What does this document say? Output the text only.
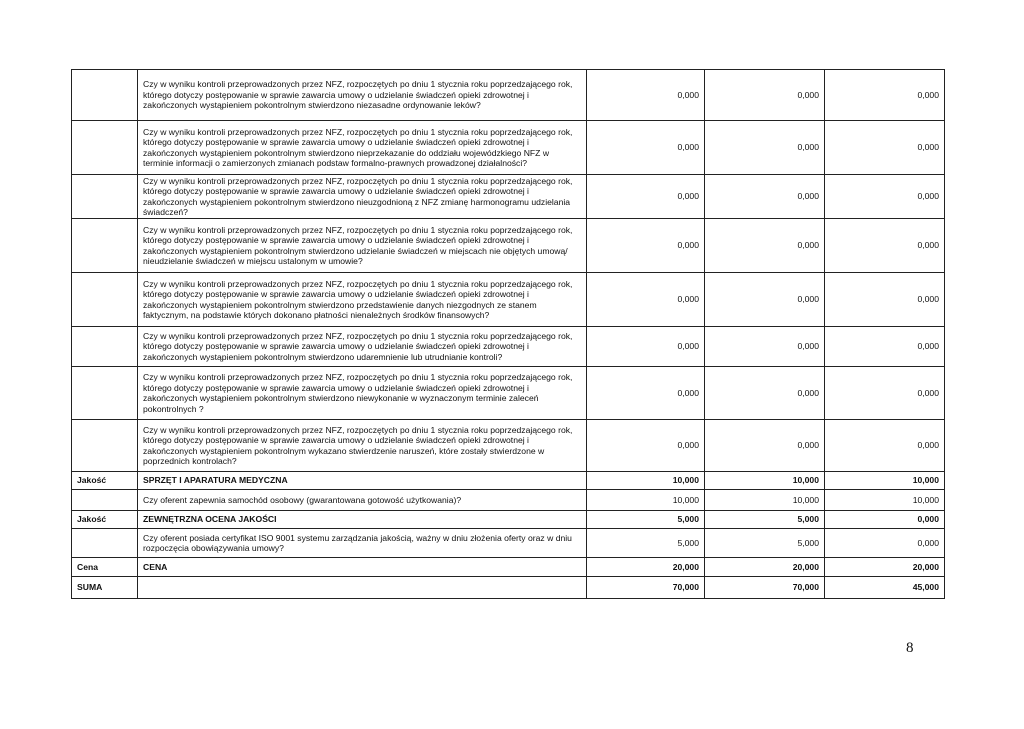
	Czy w wyniku kontroli przeprowadzonych przez NFZ, rozpoczętych po dniu 1 stycznia roku poprzedzającego rok, którego dotyczy postępowanie w sprawie zawarcia umowy o udzielanie świadczeń opieki zdrowotnej i zakończonych wystąpieniem pokontrolnym stwierdzono niezasadne ordynowanie leków?	0,000	0,000	0,000
	Czy w wyniku kontroli przeprowadzonych przez NFZ, rozpoczętych po dniu 1 stycznia roku poprzedzającego rok, którego dotyczy postępowanie w sprawie zawarcia umowy o udzielanie świadczeń opieki zdrowotnej i zakończonych wystąpieniem pokontrolnym stwierdzono nieprzekazanie do oddziału wojewódzkiego NFZ w terminie informacji o zamierzonych zmianach podstaw formalno-prawnych prowadzonej działalności?	0,000	0,000	0,000
	Czy w wyniku kontroli przeprowadzonych przez NFZ, rozpoczętych po dniu 1 stycznia roku poprzedzającego rok, którego dotyczy postępowanie w sprawie zawarcia umowy o udzielanie świadczeń opieki zdrowotnej i zakończonych wystąpieniem pokontrolnym stwierdzono nieuzgodnioną z NFZ zmianę harmonogramu udzielania świadczeń?	0,000	0,000	0,000
	Czy w wyniku kontroli przeprowadzonych przez NFZ, rozpoczętych po dniu 1 stycznia roku poprzedzającego rok, którego dotyczy postępowanie w sprawie zawarcia umowy o udzielanie świadczeń opieki zdrowotnej i zakończonych wystąpieniem pokontrolnym stwierdzono udzielanie świadczeń w miejscach nie objętych umową/ nieudzielanie świadczeń w miejscu ustalonym w umowie?	0,000	0,000	0,000
	Czy w wyniku kontroli przeprowadzonych przez NFZ, rozpoczętych po dniu 1 stycznia roku poprzedzającego rok, którego dotyczy postępowanie w sprawie zawarcia umowy o udzielanie świadczeń opieki zdrowotnej i zakończonych wystąpieniem pokontrolnym stwierdzono przedstawienie danych niezgodnych ze stanem faktycznym, na podstawie których dokonano płatności nienależnych środków finansowych?	0,000	0,000	0,000
	Czy w wyniku kontroli przeprowadzonych przez NFZ, rozpoczętych po dniu 1 stycznia roku poprzedzającego rok, którego dotyczy postępowanie w sprawie zawarcia umowy o udzielanie świadczeń opieki zdrowotnej i zakończonych wystąpieniem pokontrolnym stwierdzono udaremnienie lub utrudnianie kontroli?	0,000	0,000	0,000
	Czy w wyniku kontroli przeprowadzonych przez NFZ, rozpoczętych po dniu 1 stycznia roku poprzedzającego rok, którego dotyczy postępowanie w sprawie zawarcia umowy o udzielanie świadczeń opieki zdrowotnej i zakończonych wystąpieniem pokontrolnym stwierdzono niewykonanie w wyznaczonym terminie zaleceń pokontrolnych ?	0,000	0,000	0,000
	Czy w wyniku kontroli przeprowadzonych przez NFZ, rozpoczętych po dniu 1 stycznia roku poprzedzającego rok, którego dotyczy postępowanie w sprawie zawarcia umowy o udzielanie świadczeń opieki zdrowotnej i zakończonych wystąpieniem pokontrolnym wykazano stwierdzenie naruszeń, które zostały stwierdzone w poprzednich kontrolach?	0,000	0,000	0,000
Jakość	SPRZĘT I APARATURA MEDYCZNA	10,000	10,000	10,000
	Czy oferent zapewnia samochód osobowy (gwarantowana gotowość użytkowania)?	10,000	10,000	10,000
Jakość	ZEWNĘTRZNA OCENA JAKOŚCI	5,000	5,000	0,000
	Czy oferent posiada certyfikat ISO 9001 systemu zarządzania jakością, ważny w dniu złożenia oferty oraz w dniu rozpoczęcia obowiązywania umowy?	5,000	5,000	0,000
Cena	CENA	20,000	20,000	20,000
SUMA		70,000	70,000	45,000
8
